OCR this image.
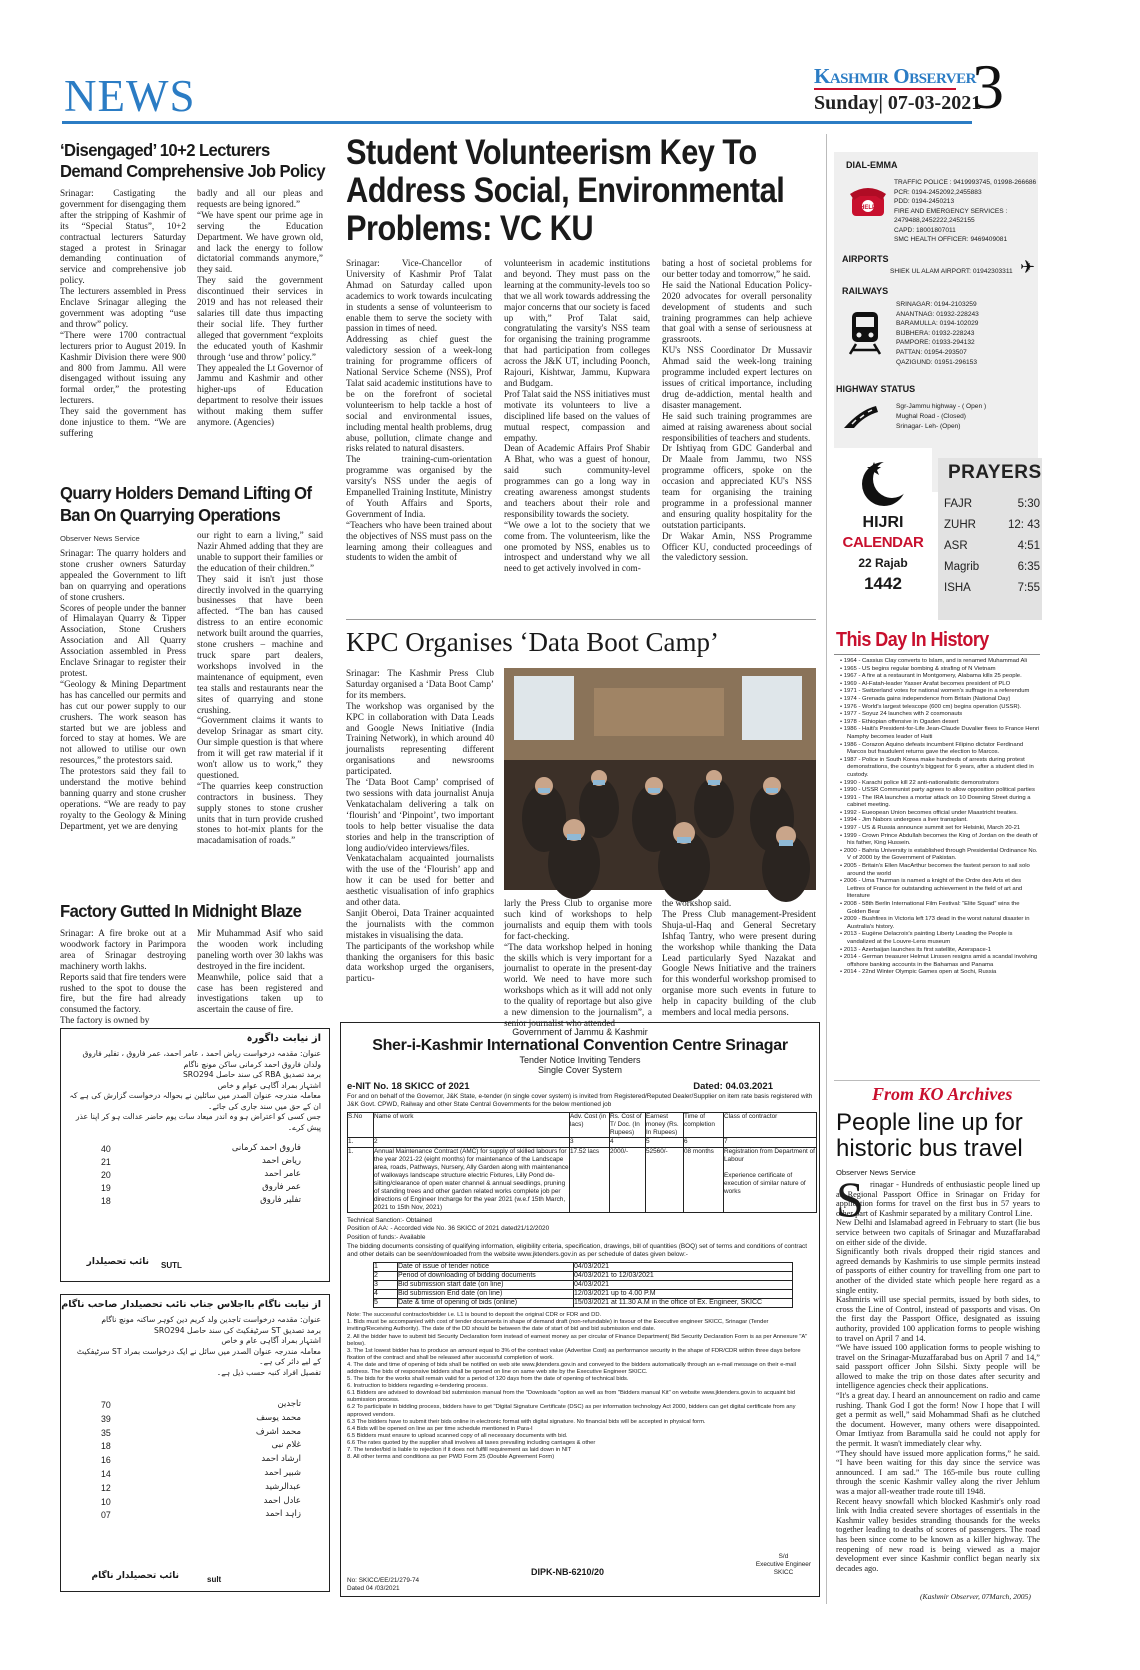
NEWS	Kashmir Observer
Sunday| 07-03-2021
3
‘Disengaged’ 10+2 Lecturers Demand Comprehensive Job Policy
Srinagar: Castigating the government for disengaging them after the stripping of Kashmir of its “Special Status”, 10+2 contractual lecturers Saturday staged a protest in Srinagar demanding continuation of service and comprehensive job policy.
The lecturers assembled in Press Enclave Srinagar alleging the government was adopting “use and throw” policy.
“There were 1700 contractual lecturers prior to August 2019. In Kashmir Division there were 900 and 800 from Jammu. All were disengaged without issuing any formal order,” the protesting lecturers.
They said the government has done injustice to them. “We are suffering
badly and all our pleas and requests are being ignored.”
“We have spent our prime age in serving the Education Department. We have grown old, and lack the energy to follow dictatorial commands anymore,” they said.
They said the government discontinued their services in 2019 and has not released their salaries till date thus impacting their social life. They further alleged that government “exploits the educated youth of Kashmir through ‘use and throw’ policy.”
They appealed the Lt Governor of Jammu and Kashmir and other higher-ups of Education department to resolve their issues without making them suffer anymore. (Agencies)
Quarry Holders Demand Lifting Of Ban On Quarrying Operations
Observer News Service
Srinagar: The quarry holders and stone crusher owners Saturday appealed the Government to lift ban on quarrying and operations of stone crushers.
Scores of people under the banner of Himalayan Quarry & Tipper Association, Stone Crushers Association and All Quarry Association assembled in Press Enclave Srinagar to register their protest.
“Geology & Mining Department has has cancelled our permits and has cut our power supply to our crushers. The work season has started but we are jobless and forced to stay at homes. We are not allowed to utilise our own resources,” the protestors said.
The protestors said they fail to understand the motive behind banning quarry and stone crusher operations. “We are ready to pay royalty to the Geology & Mining Department, yet we are denying
our right to earn a living,” said Nazir Ahmed adding that they are unable to support their families or the education of their children.”
They said it isn't just those directly involved in the quarrying businesses that have been affected. “The ban has caused distress to an entire economic network built around the quarries, stone crushers – machine and truck spare part dealers, workshops involved in the maintenance of equipment, even tea stalls and restaurants near the sites of quarrying and stone crushing.
“Government claims it wants to develop Srinagar as smart city. Our simple question is that where from it will get raw material if it won't allow us to work,” they questioned.
“The quarries keep construction contractors in business. They supply stones to stone crusher units that in turn provide crushed stones to hot-mix plants for the macadamisation of roads.”
Factory Gutted In Midnight Blaze
Srinagar: A fire broke out at a woodwork factory in Parimpora area of Srinagar destroying machinery worth lakhs.
Reports said that fire tenders were rushed to the spot to douse the fire, but the fire had already consumed the factory.
The factory is owned by
Mir Muhammad Asif who said the wooden work including paneling worth over 30 lakhs was destroyed in the fire incident.
Meanwhile, police said that a case has been registered and investigations taken up to ascertain the cause of fire.
Student Volunteerism Key To Address Social, Environmental Problems: VC KU
Srinagar: Vice-Chancellor of University of Kashmir Prof Talat Ahmad on Saturday called upon academics to work towards inculcating in students a sense of volunteerism to enable them to serve the society with passion in times of need.
Addressing as chief guest the valedictory session of a week-long training for programme officers of National Service Scheme (NSS), Prof Talat said academic institutions have to be on the forefront of societal volunteerism to help tackle a host of social and environmental issues, including mental health problems, drug abuse, pollution, climate change and risks related to natural disasters.
The training-cum-orientation programme was organised by the varsity's NSS under the aegis of Empanelled Training Institute, Ministry of Youth Affairs and Sports, Government of India.
“Teachers who have been trained about the objectives of NSS must pass on the learning among their colleagues and students to widen the ambit of
volunteerism in academic institutions and beyond. They must pass on the learning at the community-levels too so that we all work towards addressing the major concerns that our society is faced up with,” Prof Talat said, congratulating the varsity's NSS team for organising the training programme that had participation from colleges across the J&K UT, including Poonch, Rajouri, Kishtwar, Jammu, Kupwara and Budgam.
Prof Talat said the NSS initiatives must motivate its volunteers to live a disciplined life based on the values of mutual respect, compassion and empathy.
Dean of Academic Affairs Prof Shabir A Bhat, who was a guest of honour, said such community-level programmes can go a long way in creating awareness amongst students and teachers about their role and responsibility towards the society.
“We owe a lot to the society that we come from. The volunteerism, like the one promoted by NSS, enables us to introspect and understand why we all need to get actively involved in com-
bating a host of societal problems for our better today and tomorrow,” he said.
He said the National Education Policy-2020 advocates for overall personality development of students and such training programmes can help achieve that goal with a sense of seriousness at grassroots.
KU's NSS Coordinator Dr Mussavir Ahmad said the week-long training programme included expert lectures on issues of critical importance, including drug de-addiction, mental health and disaster management.
He said such training programmes are aimed at raising awareness about social responsibilities of teachers and students.
Dr Ishtiyaq from GDC Ganderbal and Dr Maale from Jammu, two NSS programme officers, spoke on the occasion and appreciated KU's NSS team for organising the training programme in a professional manner and ensuring quality hospitality for the outstation participants.
Dr Wakar Amin, NSS Programme Officer KU, conducted proceedings of the valedictory session.
KPC Organises ‘Data Boot Camp’
Srinagar: The Kashmir Press Club Saturday organised a ‘Data Boot Camp’ for its members.
The workshop was organised by the KPC in collaboration with Data Leads and Google News Initiative (India Training Network), in which around 40 journalists representing different organisations and newsrooms participated.
The ‘Data Boot Camp’ comprised of two sessions with data journalist Anuja Venkatachalam delivering a talk on ‘flourish’ and ‘Pinpoint’, two important tools to help better visualise the data stories and help in the transcription of long audio/video interviews/files.
Venkatachalam acquainted journalists with the use of the ‘Flourish’ app and how it can be used for better and aesthetic visualisation of info graphics and other data.
Sanjit Oberoi, Data Trainer acquainted the journalists with the common mistakes in visualising the data.
The participants of the workshop while thanking the organisers for this basic data workshop urged the organisers, particu-
larly the Press Club to organise more such kind of workshops to help journalists and equip them with tools for fact-checking.
“The data workshop helped in honing the skills which is very important for a journalist to operate in the present-day world. We need to have more such workshops which as it will add not only to the quality of reportage but also give a new dimension to the journalism”, a senior journalist who attended
the workshop said.
The Press Club management-President Shuja-ul-Haq and General Secretary Ishfaq Tantry, who were present during the workshop while thanking the Data Lead particularly Syed Nazakat and Google News Initiative and the trainers for this wonderful workshop promised to organise more such events in future to help in capacity building of the club members and local media persons.
DIAL-EMMA
HELP
TRAFFIC POLICE : 9419993745, 01998-266686
PCR: 0194-2452092,2455883
PDD: 0194-2450213
FIRE AND EMERGENCY SERVICES :
2479488,2452222,2452155
CAPD: 18001807011
SMC HEALTH OFFICER: 9469409081
AIRPORTS
SHIEK UL ALAM AIRPORT: 01942303311 ✈
RAILWAYS
SRINAGAR: 0194-2103259
ANANTNAG: 01932-228243
BARAMULLA: 0194-102029
BIJBHERA: 01932-228243
PAMPORE: 01933-294132
PATTAN: 01954-293507
QAZIGUND: 01951-296153
HIGHWAY STATUS
Sgr-Jammu highway - ( Open )
Mughal Road - (Closed)
Srinagar- Leh- (Open)
HIJRI
CALENDAR
22 Rajab
1442
PRAYERS
FAJR	5:30
ZUHR	12: 43
ASR	4:51
Magrib	6:35
ISHA	7:55
This Day In History
• 1964 - Cassius Clay converts to Islam, and is renamed Muhammad Ali
• 1965 - US begins regular bombing & strafing of N Vietnam
• 1967 - A fire at a restaurant in Montgomery, Alabama kills 25 people.
• 1969 - Al-Fatah-leader Yasser Arafat becomes president of PLO
• 1971 - Switzerland votes for national women's suffrage in a referendum
• 1974 - Grenada gains independence from Britain (National Day)
• 1976 - World's largest telescope (600 cm) begins operation (USSR).
• 1977 - Soyuz 24 launches with 2 cosmonauts
• 1978 - Ethiopian offensive in Ogaden desert
• 1986 - Haiti's President-for-Life Jean-Claude Duvalier flees to France Henri Namphy becomes leader of Haiti
• 1986 - Corazon Aquino defeats incumbent Filipino dictator Ferdinand Marcos but fraudulent returns gave the election to Marcos.
• 1987 - Police in South Korea make hundreds of arrests during protest demonstrations, the country's biggest for 6 years, after a student died in custody.
• 1990 - Karachi police kill 22 anti-nationalistic demonstrators
• 1990 - USSR Communist party agrees to allow opposition political parties
• 1991 - The IRA launches a mortar attack on 10 Downing Street during a cabinet meeting.
• 1992 - Eueopean Union becomes official under Maastricht treaties.
• 1994 - Jim Nabors undergoes a liver transplant.
• 1997 - US & Russia announce summit set for Helsinki, March 20-21
• 1999 - Crown Prince Abdullah becomes the King of Jordan on the death of his father, King Hussein.
• 2000 - Bahria University is established through Presidential Ordinance No. V of 2000 by the Government of Pakistan.
• 2005 - Britain's Ellen MacArthur becomes the fastest person to sail solo around the world
• 2006 - Uma Thurman is named a knight of the Ordre des Arts et des Lettres of France for outstanding achievement in the field of art and literature
• 2008 - 58th Berlin International Film Festival: “Elite Squad” wins the Golden Bear
• 2009 - Bushfires in Victoria left 173 dead in the worst natural disaster in Australia's history.
• 2013 - Eugène Delacroix's painting Liberty Leading the People is vandalized at the Louvre-Lens museum
• 2013 - Azerbaijan launches its first satellite, Azerspace-1
• 2014 - German treasurer Helmut Linssen resigns amid a scandal involving offshore banking accounts in the Bahamas and Panama
• 2014 - 22nd Winter Olympic Games open at Sochi, Russia
From KO Archives
People line up for historic bus travel
Observer News Service
S rinagar - Hundreds of enthusiastic people lined up at Regional Passport Office in Srinagar on Friday for application forms for travel on the first bus in 57 years to other part of Kashmir separated by a military Control Line.
New Delhi and Islamabad agreed in February to start (lie bus service between two capitals of Srinagar and Muzaffarabad on either side of the divide.
Significantly both rivals dropped their rigid stances and agreed demands by Kashmiris to use simple permits instead of passports of either country for travelling from one part to another of the divided state which people here regard as a single entity.
Kashmiris will use special permits, issued by both sides, to cross the Line of Control, instead of passports and visas. On the first day the Passport Office, designated as issuing authority, provided 100 application forms to people wishing to travel on April 7 and 14.
“We have issued 100 application forms to people wishing to travel on the Srinagar-Muzaffarabad bus on April 7 and 14,” said passport officer John Silshi. Sixty people will be allowed to make the trip on those dates after security and intelligence agencies check their applications.
“It's a great day. I heard an announcement on radio and came rushing. Thank God I got the form! Now I hope that I will get a permit as well,” said Mohammad Shafi as he clutched the document. However, many others were disappointed. Omar Imtiyaz from Baramulla said he could not apply for the permit. It wasn't immediately clear why.
“They should have issued more application forms,” he said. “I have been waiting for this day since the service was announced. I am sad.” The 165-mile bus route culling through the scenic Kashmir valley along the river Jehlum was a major all-weather trade route till 1948.
Recent heavy snowfall which blocked Kashmir's only road link with India created severe shortages of essentials in the Kashmir valley besides stranding thousands for the weeks together leading to deaths of scores of passengers. The road has been since come to be known as a killer highway. The reopening of new road is being viewed as a major development ever since Kashmir conflict began nearly six decades ago.
(Kashmir Observer, 07March, 2005)
از نیابت داگورہ
عنوان: مقدمہ درخواست ریاض احمد ، عامر احمد، عمر فاروق ، تفلیر فاروق
ولدان فاروق احمد کرمانی ساکن مونچ ناگام
برمد تصدیق RBA کی سند حاصل SRO294
اشتہار بمراد آگاہی عوام و خاص
معاملہ مندرجہ عنوان الصدر میں سائلین نے بحوالہ درخواست گزارش کی ہے کہ ان کے حق میں سند جاری کی جائے۔
جس کسی کو اعتراض ہو وہ اندر میعاد سات یوم حاضر عدالت ہو کر اپنا عذر پیش کرے۔
40	فاروق احمد کرمانی
21	ریاض احمد
20	عامر احمد
19	عمر فاروق
18	تفلیر فاروق
نائب تحصیلدار SUTL
از نیابت ناگام بااجلاس جناب نائب تحصیلدار صاحب ناگام
عنوان: مقدمہ درخواست تاجدین ولد کریم دین کوہر ساکنہ مونچ ناگام
برمد تصدیق ST سرٹیفکیٹ کی سند حاصل SRO294
اشتہار بمراد آگاہی عام و خاص
معاملہ مندرجہ عنوان الصدر میں سائل نے ایک درخواست بمراد ST سرٹیفکیٹ کے لیے دائر کی ہے۔
تفصیل افراد کنبہ حسب ذیل ہے۔
70	تاجدین
39	محمد یوسف
35	محمد اشرف
18	غلام نبی
16	ارشاد احمد
14	شبیر احمد
12	عبدالرشید
10	عادل احمد
07	زاہد احمد
نائب تحصیلدار ناگام	sult
Government of Jammu & Kashmir
Sher-i-Kashmir International Convention Centre Srinagar
Tender Notice Inviting Tenders
Single Cover System
e-NIT No. 18 SKICC of 2021	Dated: 04.03.2021
For and on behalf of the Governor, J&K State, e-tender (in single cover system) is invited from Registered/Reputed Dealer/Supplier on item rate basis registered with J&K Govt. CPWD, Railway and other State Central Governments for the below mentioned job
S.No	Name of work	Adv. Cost (in lacs)	Rs. Cost of T/ Doc. (In Rupees)	Earnest money (Rs. In Rupees)	Time of completion	Class of contractor
1.	2	3	4	5	6	7
1.	Annual Maintenance Contract (AMC) for supply of skilled labours for the year 2021-22 (eight months) for maintenance of the Landscape area, roads, Pathways, Nursery, Ally Garden along with maintenance of walkways landscape structure electric Fixtures, Lilly Pond de-silting/clearance of open water channel & annual seedlings, pruning of standing trees and other garden related works complete job per directions of Engineer Incharge for the year 2021 (w.e.f 15th March, 2021 to 15th Nov, 2021)	17.52 lacs	2000/-	52560/-	08 months	Registration from Department of Labour

Experience certificate of execution of similar nature of works
Technical Sanction:- Obtained
Position of AA: - Accorded vide No. 36 SKICC of 2021 dated21/12/2020
Position of funds:- Available
The bidding documents consisting of qualifying information, eligibility criteria, specification, drawings, bill of quantities (BOQ) set of terms and conditions of contract and other details can be seen/downloaded from the website www.jktenders.gov.in as per schedule of dates given below:-
1	Date of issue of tender notice	04/03/2021
2	Period of downloading of bidding documents	04/03/2021 to 12/03/2021
3	Bid submission start date (on line)	04/03/2021
4	Bid submission End date (on line)	12/03/2021 up to 4.00 P.M
5	Date & time of opening of bids (online)	15/03/2021 at 11.30 A.M in the office of Ex. Engineer, SKICC
Note: The successful contractor/bidder i.e. L1 is bound to deposit the original CDR or FDR and DD.
1. Bids must be accompanied with cost of tender documents in shape of demand draft (non-refundable) in favour of the Executive engineer SKICC, Srinagar (Tender inviting/Receiving Authority). The date of the DD should be between the date of start of bid and bid submission end date.
2. All the bidder have to submit bid Security Declaration form instead of earnest money as per circular of Finance Department( Bid Security Declaration Form is as per Annexure "A" below).
3. The 1st lowest bidder has to produce an amount equal to 3% of the contract value (Advertise Cost) as performance security in the shape of FDR/CDR within three days before fixation of the contract and shall be released after successful completion of work.
4. The date and time of opening of bids shall be notified on web site www.jktenders.gov.in and conveyed to the bidders automatically through an e-mail message on their e-mail address. The bids of responsive bidders shall be opened on line on same web site by the Executive Engineer SKICC.
5. The bids for the works shall remain valid for a period of 120 days from the date of opening of technical bids.
6. Instruction to bidders regarding e-tendering process.
6.1 Bidders are advised to download bid submission manual from the "Downloads "option as well as from "Bidders manual Kit" on website www.jktenders.gov.in to acquaint bid submission process.
6.2 To participate in bidding process, bidders have to get "Digital Signature Certificate (DSC) as per information technology Act 2000, bidders can get digital certificate from any approved vendors.
6.3 The bidders have to submit their bids online in electronic format with digital signature. No financial bids will be accepted in physical form.
6.4 Bids will be opened on line as per time schedule mentioned in Para-I
6.5 Bidders must ensure to upload scanned copy of all necessary documents with bid.
6.6 The rates quoted by the supplier shall involves all taxes prevailing including carriages & other
7. The tender/bid is liable to rejection if it does not fulfill requirement as laid down in NIT
8. All other terms and conditions as per PWD Form 25 (Double Agreement Form)
DIPK-NB-6210/20
S/d
Executive Engineer
SKICC
No: SKICC/EE/21/279-74
Dated 04 /03/2021
